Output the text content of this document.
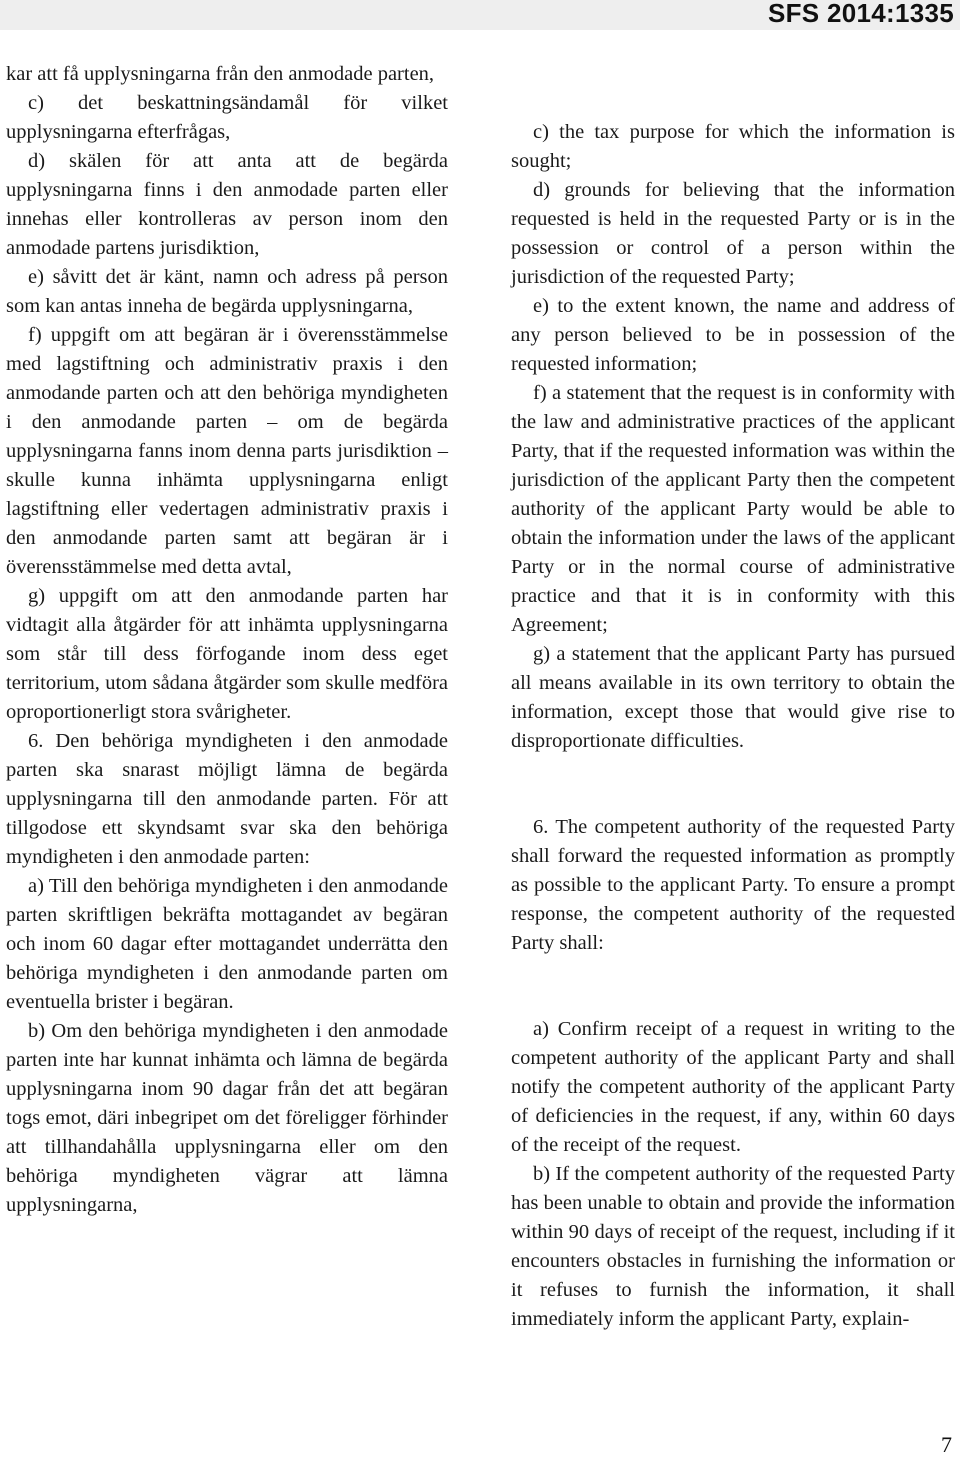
SFS 2014:1335

kar att få upplysningarna från den anmodade parten,

c) det beskattningsändamål för vilket upplysningarna efterfrågas,

d) skälen för att anta att de begärda upplysningarna finns i den anmodade parten eller innehas eller kontrolleras av person inom den anmodade partens jurisdiktion,

e) såvitt det är känt, namn och adress på person som kan antas inneha de begärda upplysningarna,

f) uppgift om att begäran är i överensstämmelse med lagstiftning och administrativ praxis i den anmodande parten och att den behöriga myndigheten i den anmodande parten – om de begärda upplysningarna fanns inom denna parts jurisdiktion – skulle kunna inhämta upplysningarna enligt lagstiftning eller vedertagen administrativ praxis i den anmodande parten samt att begäran är i överensstämmelse med detta avtal,

g) uppgift om att den anmodande parten har vidtagit alla åtgärder för att inhämta upplysningarna som står till dess förfogande inom dess eget territorium, utom sådana åtgärder som skulle medföra oproportionerligt stora svårigheter.

6. Den behöriga myndigheten i den anmodade parten ska snarast möjligt lämna de begärda upplysningarna till den anmodande parten. För att tillgodose ett skyndsamt svar ska den behöriga myndigheten i den anmodade parten:

a) Till den behöriga myndigheten i den anmodande parten skriftligen bekräfta mottagandet av begäran och inom 60 dagar efter mottagandet underrätta den behöriga myndigheten i den anmodande parten om eventuella brister i begäran.

b) Om den behöriga myndigheten i den anmodade parten inte har kunnat inhämta och lämna de begärda upplysningarna inom 90 dagar från det att begäran togs emot, däri inbegripet om det föreligger förhinder att tillhandahålla upplysningarna eller om den behöriga myndigheten vägrar att lämna upplysningarna,

c) the tax purpose for which the information is sought;

d) grounds for believing that the information requested is held in the requested Party or is in the possession or control of a person within the jurisdiction of the requested Party;

e) to the extent known, the name and address of any person believed to be in possession of the requested information;

f) a statement that the request is in conformity with the law and administrative practices of the applicant Party, that if the requested information was within the jurisdiction of the applicant Party then the competent authority of the applicant Party would be able to obtain the information under the laws of the applicant Party or in the normal course of administrative practice and that it is in conformity with this Agreement;

g) a statement that the applicant Party has pursued all means available in its own territory to obtain the information, except those that would give rise to disproportionate difficulties.

6. The competent authority of the requested Party shall forward the requested information as promptly as possible to the applicant Party. To ensure a prompt response, the competent authority of the requested Party shall:

a) Confirm receipt of a request in writing to the competent authority of the applicant Party and shall notify the competent authority of the applicant Party of deficiencies in the request, if any, within 60 days of the receipt of the request.

b) If the competent authority of the requested Party has been unable to obtain and provide the information within 90 days of receipt of the request, including if it encounters obstacles in furnishing the information or it refuses to furnish the information, it shall immediately inform the applicant Party, explain-

7
